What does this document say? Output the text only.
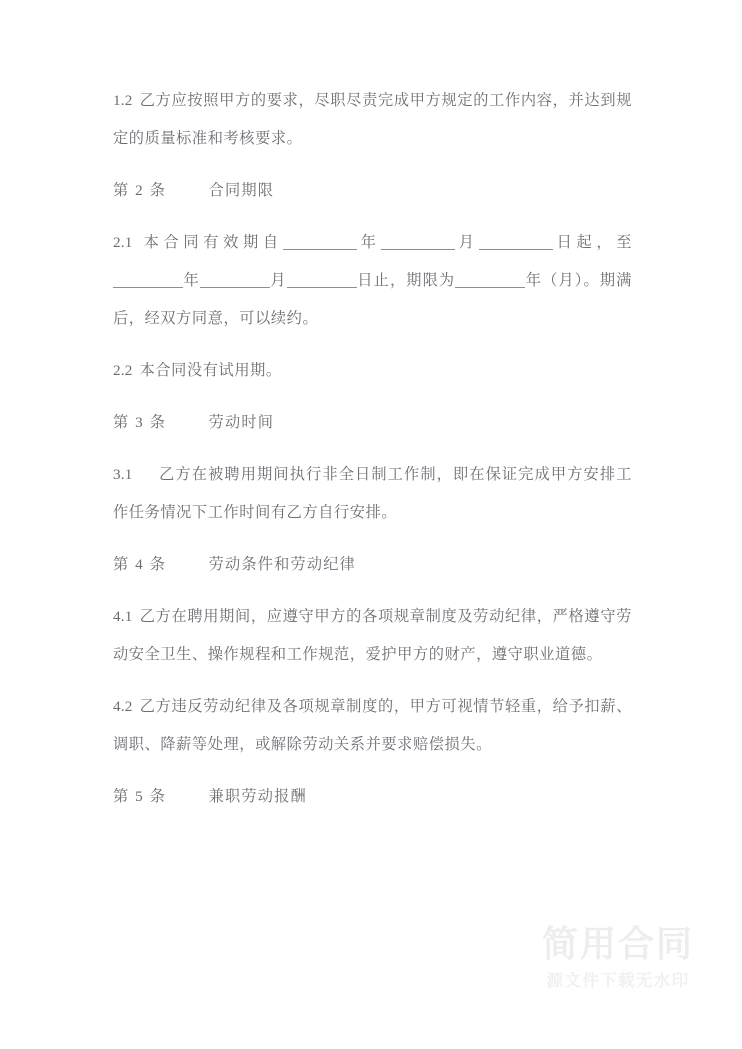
1.2 乙方应按照甲方的要求，尽职尽责完成甲方规定的工作内容，并达到规定的质量标准和考核要求。

第 2 条	合同期限

2.1 本合同有效期自	年	月	日起，至年	月	日止，期限为	年（月）。期满后，经双方同意，可以续约。

2.2 本合同没有试用期。

第 3 条	劳动时间

3.1 乙方在被聘用期间执行非全日制工作制，即在保证完成甲方安排工作任务情况下工作时间有乙方自行安排。

第 4 条	劳动条件和劳动纪律

4.1 乙方在聘用期间，应遵守甲方的各项规章制度及劳动纪律，严格遵守劳动安全卫生、操作规程和工作规范，爱护甲方的财产，遵守职业道德。

4.2 乙方违反劳动纪律及各项规章制度的，甲方可视情节轻重，给予扣薪、调职、降薪等处理，或解除劳动关系并要求赔偿损失。

第 5 条	兼职劳动报酬

简用合同
源文件下载无水印
